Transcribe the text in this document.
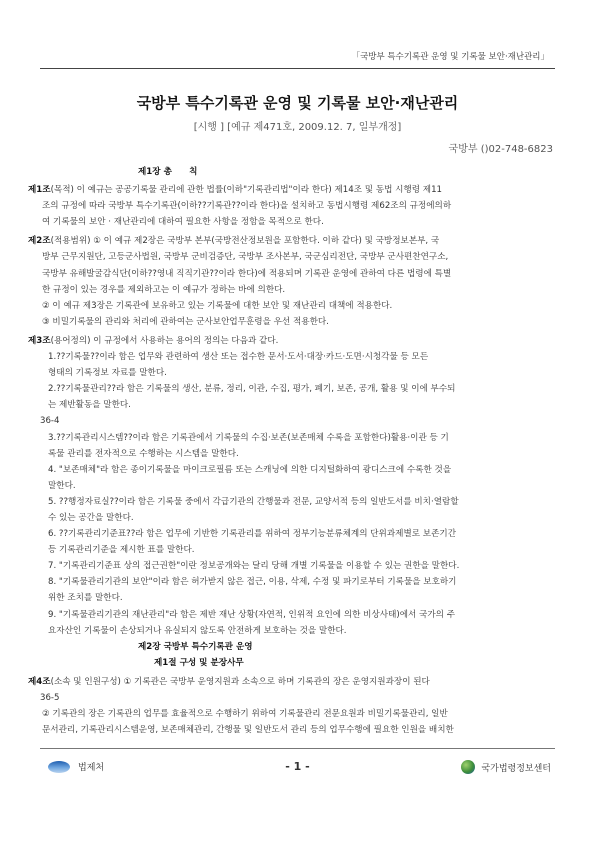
「국방부 특수기록관 운영 및 기록물 보안·재난관리」
국방부 특수기록관 운영 및 기록물 보안·재난관리
[시행 ] [예규 제471호, 2009.12. 7, 일부개정]
국방부 ()02-748-6823

제1장 총　　칙

제1조(목적) 이 예규는 공공기록물 관리에 관한 법률(이하"기록관리법"이라 한다) 제14조 및 동법 시행령 제11

조의 규정에 따라 국방부 특수기록관(이하??기록관??이라 한다)을 설치하고 동법시행령 제62조의 규정에의하

여 기록물의 보안 · 재난관리에 대하여 필요한 사항을 정함을 목적으로 한다.

제2조(적용범위) ① 이 예규 제2장은 국방부 본부(국방전산정보원을 포함한다. 이하 같다) 및 국방정보본부, 국

방부 근무지원단, 고등군사법원, 국방부 군비검증단, 국방부 조사본부, 국군심리전단, 국방부 군사편찬연구소,

국방부 유해발굴감식단(이하??영내 직직기관??이라 한다)에 적용되며 기록관 운영에 관하여 다른 법령에 특별

한 규정이 있는 경우를 제외하고는 이 예규가 정하는 바에 의한다.

② 이 예규 제3장은 기록관에 보유하고 있는 기록물에 대한 보안 및 재난관리 대책에 적용한다.

③ 비밀기록물의 관리와 처리에 관하여는 군사보안업무훈령을 우선 적용한다.

제3조(용어정의) 이 규정에서 사용하는 용어의 정의는 다음과 같다.

1.??기록물??이라 함은 업무와 관련하여 생산 또는 접수한 문서·도서·대장·카드·도면·시청각물 등 모든

형태의 기록정보 자료를 말한다.

2.??기록물관리??라 함은 기록물의 생산, 분류, 정리, 이관, 수집, 평가, 폐기, 보존, 공개, 활용 및 이에 부수되

는 제반활동을 말한다.

36-4

3.??기록관리시스템??이라 함은 기록관에서 기록물의 수집·보존(보존매체 수록을 포함한다)활용·이관 등 기

록물 관리를 전자적으로 수행하는 시스템을 말한다.

4. "보존매체"라 함은 종이기록물을 마이크로필름 또는 스캐닝에 의한 디지털화하여 광디스크에 수록한 것을

말한다.

5. ??행정자료실??이라 함은 기록물 중에서 각급기관의 간행물과 전문, 교양서적 등의 일반도서를 비치·열람할

수 있는 공간을 말한다.

6. ??기록관리기준표??라 함은 업무에 기반한 기록관리를 위하여 정부기능분류체계의 단위과제별로 보존기간

등 기록관리기준을 제시한 표를 말한다.

7. "기록관리기준표 상의 접근권한"이란 정보공개와는 달리 당해 개별 기록물을 이용할 수 있는 권한을 말한다.

8. "기록물관리기관의 보안"이라 함은 허가받지 않은 접근, 이용, 삭제, 수정 및 파기로부터 기록물을 보호하기

위한 조치를 말한다.

9. "기록물관리기관의 재난관리"라 함은 제반 재난 상황(자연적, 인위적 요인에 의한 비상사태)에서 국가의 주

요자산인 기록물이 손상되거나 유실되지 않도록 안전하게 보호하는 것을 말한다.

제2장 국방부 특수기록관 운영

제1절 구성 및 분장사무

제4조(소속 및 인원구성) ① 기록관은 국방부 운영지원과 소속으로 하며 기록관의 장은 운영지원과장이 된다

36-5

② 기록관의 장은 기록관의 업무를 효율적으로 수행하기 위하여 기록물관리 전문요원과 비밀기록물관리, 일반

문서관리, 기록관리시스템운영, 보존매체관리, 간행물 및 일반도서 관리 등의 업무수행에 필요한 인원을 배치한

법제처	- 1 -	국가법령정보센터
